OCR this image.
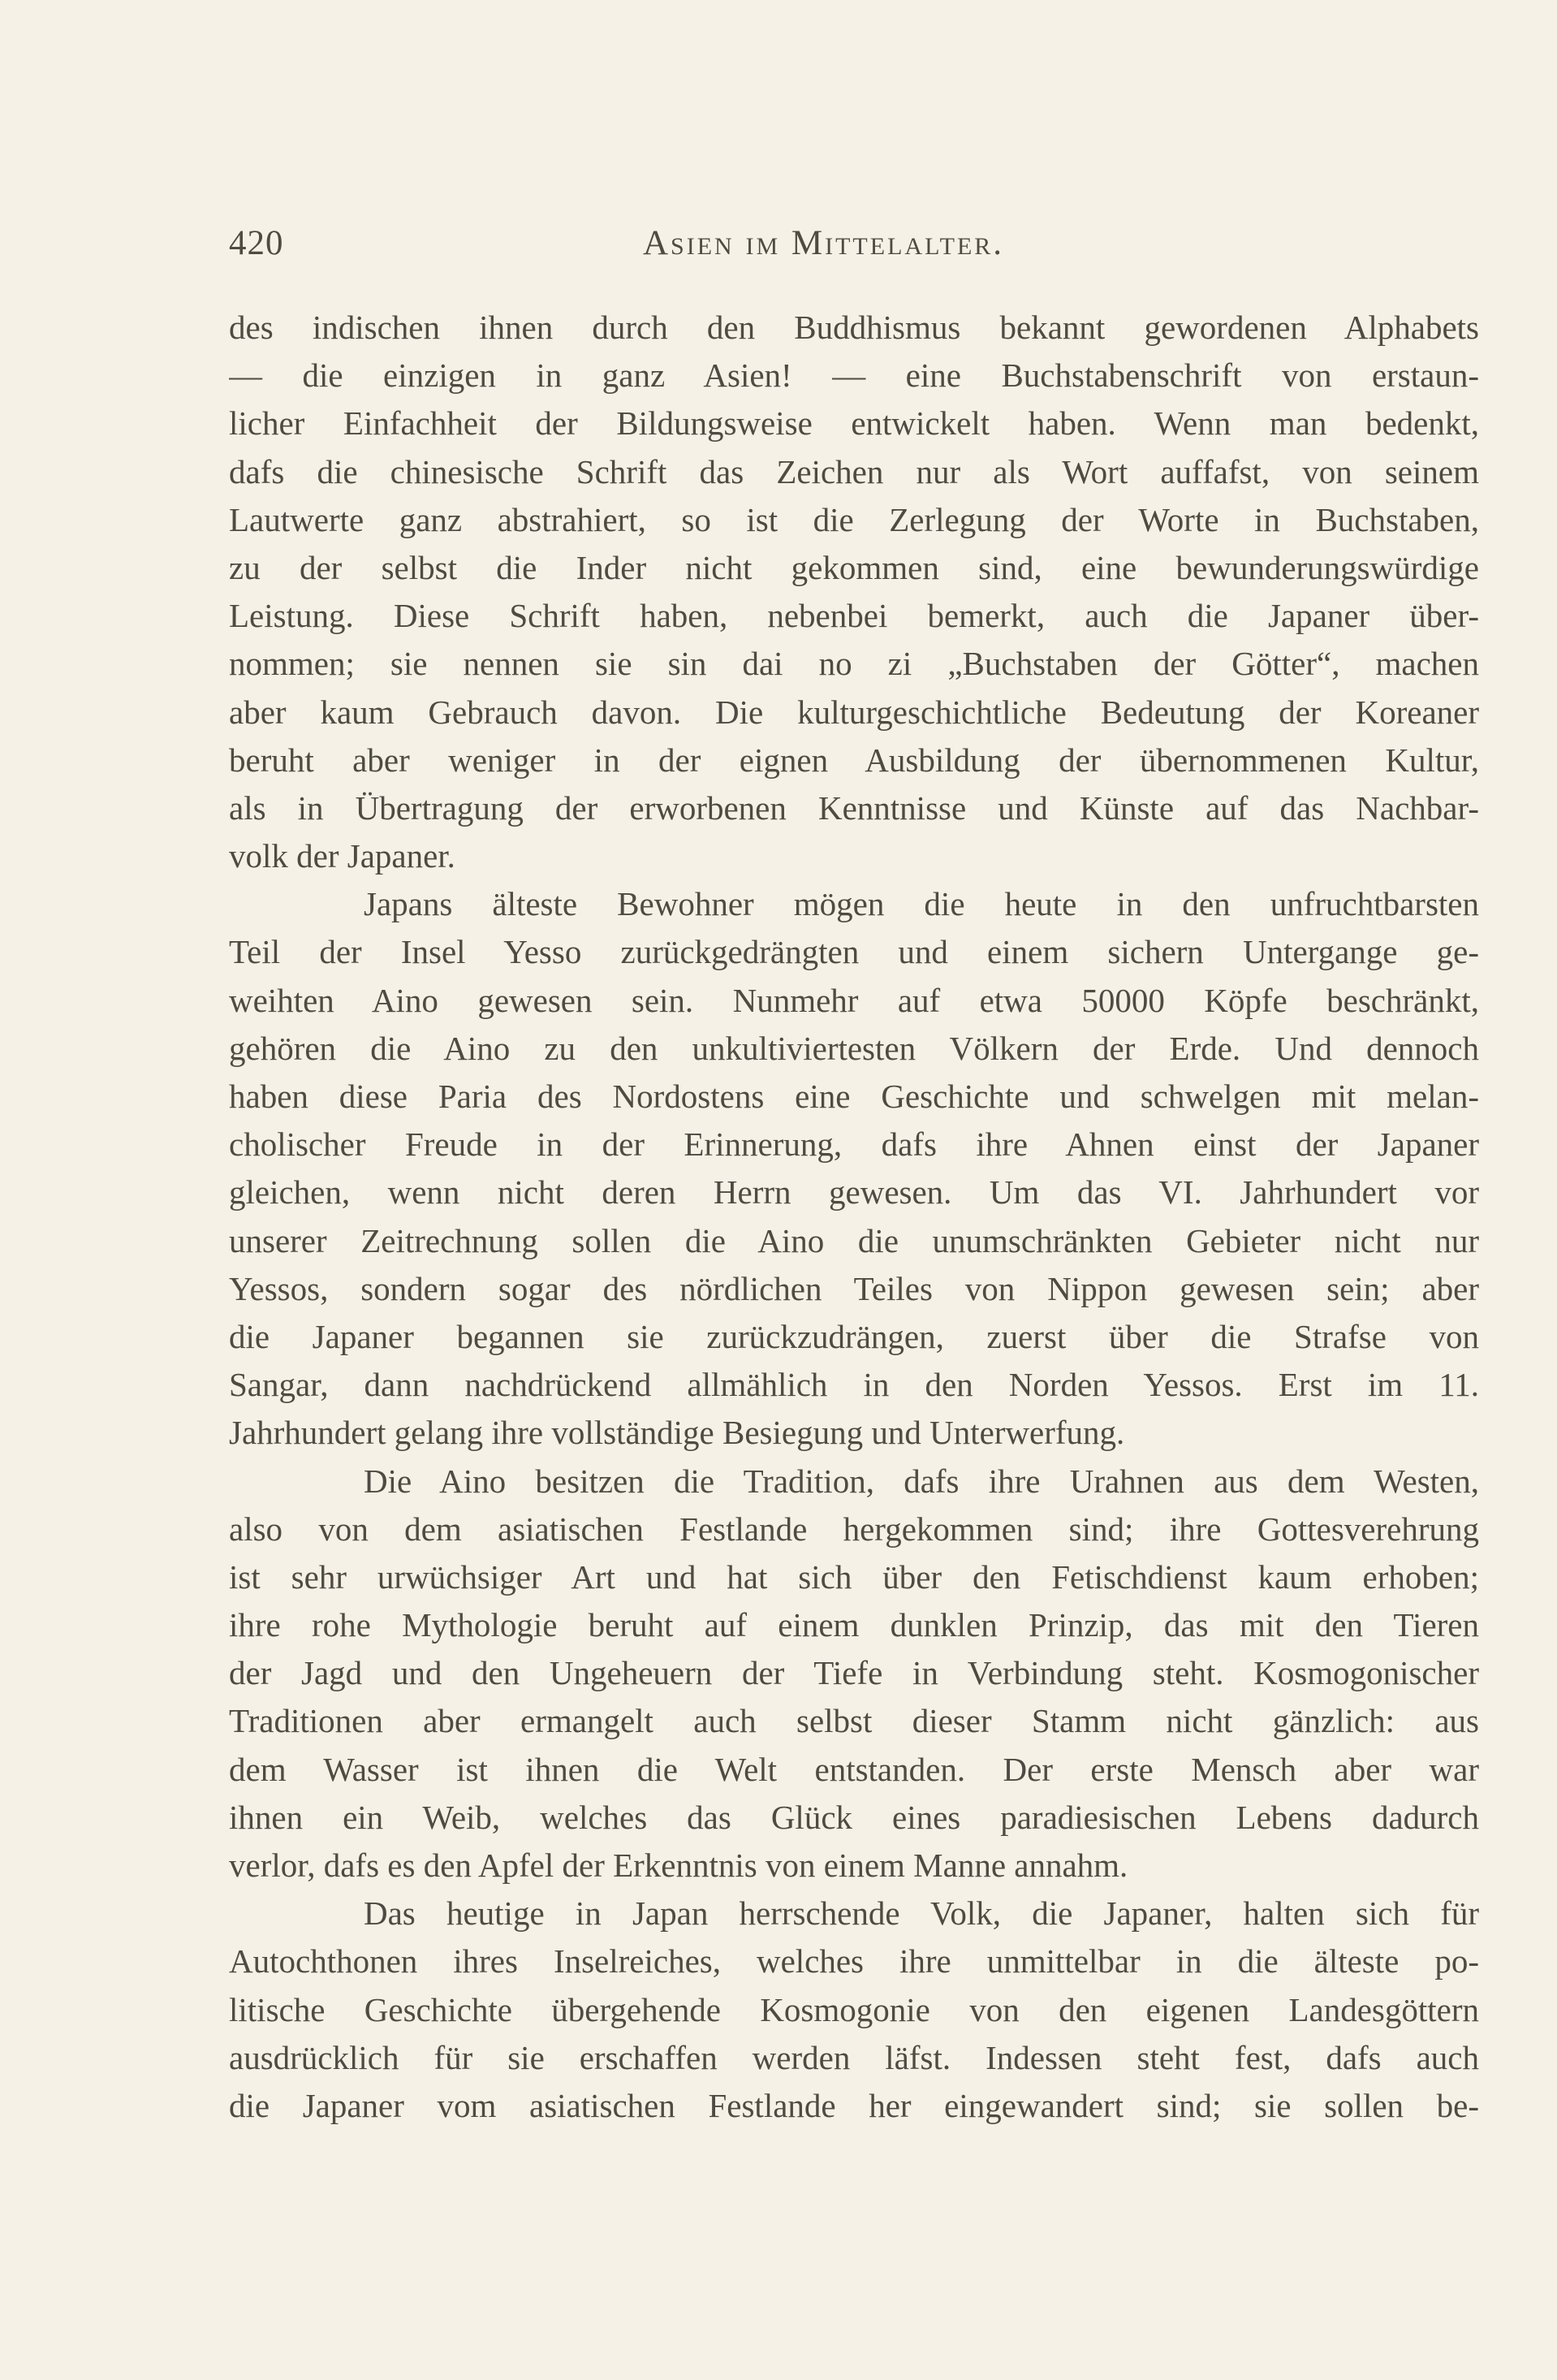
420	Asien im Mittelalter.
des indischen ihnen durch den Buddhismus bekannt gewordenen Alphabets
— die einzigen in ganz Asien! — eine Buchstabenschrift von erstaun-
licher Einfachheit der Bildungsweise entwickelt haben. Wenn man bedenkt,
dafs die chinesische Schrift das Zeichen nur als Wort auffafst, von seinem
Lautwerte ganz abstrahiert, so ist die Zerlegung der Worte in Buchstaben,
zu der selbst die Inder nicht gekommen sind, eine bewunderungswürdige
Leistung. Diese Schrift haben, nebenbei bemerkt, auch die Japaner über-
nommen; sie nennen sie sin dai no zi „Buchstaben der Götter“, machen
aber kaum Gebrauch davon. Die kulturgeschichtliche Bedeutung der Koreaner
beruht aber weniger in der eignen Ausbildung der übernommenen Kultur,
als in Übertragung der erworbenen Kenntnisse und Künste auf das Nachbar-
volk der Japaner.
Japans älteste Bewohner mögen die heute in den unfruchtbarsten
Teil der Insel Yesso zurückgedrängten und einem sichern Untergange ge-
weihten Aino gewesen sein. Nunmehr auf etwa 50000 Köpfe beschränkt,
gehören die Aino zu den unkultiviertesten Völkern der Erde. Und dennoch
haben diese Paria des Nordostens eine Geschichte und schwelgen mit melan-
cholischer Freude in der Erinnerung, dafs ihre Ahnen einst der Japaner
gleichen, wenn nicht deren Herrn gewesen. Um das VI. Jahrhundert vor
unserer Zeitrechnung sollen die Aino die unumschränkten Gebieter nicht nur
Yessos, sondern sogar des nördlichen Teiles von Nippon gewesen sein; aber
die Japaner begannen sie zurückzudrängen, zuerst über die Strafse von
Sangar, dann nachdrückend allmählich in den Norden Yessos. Erst im 11.
Jahrhundert gelang ihre vollständige Besiegung und Unterwerfung.
Die Aino besitzen die Tradition, dafs ihre Urahnen aus dem Westen,
also von dem asiatischen Festlande hergekommen sind; ihre Gottesverehrung
ist sehr urwüchsiger Art und hat sich über den Fetischdienst kaum erhoben;
ihre rohe Mythologie beruht auf einem dunklen Prinzip, das mit den Tieren
der Jagd und den Ungeheuern der Tiefe in Verbindung steht. Kosmogonischer
Traditionen aber ermangelt auch selbst dieser Stamm nicht gänzlich: aus
dem Wasser ist ihnen die Welt entstanden. Der erste Mensch aber war
ihnen ein Weib, welches das Glück eines paradiesischen Lebens dadurch
verlor, dafs es den Apfel der Erkenntnis von einem Manne annahm.
Das heutige in Japan herrschende Volk, die Japaner, halten sich für
Autochthonen ihres Inselreiches, welches ihre unmittelbar in die älteste po-
litische Geschichte übergehende Kosmogonie von den eigenen Landesgöttern
ausdrücklich für sie erschaffen werden läfst. Indessen steht fest, dafs auch
die Japaner vom asiatischen Festlande her eingewandert sind; sie sollen be-
